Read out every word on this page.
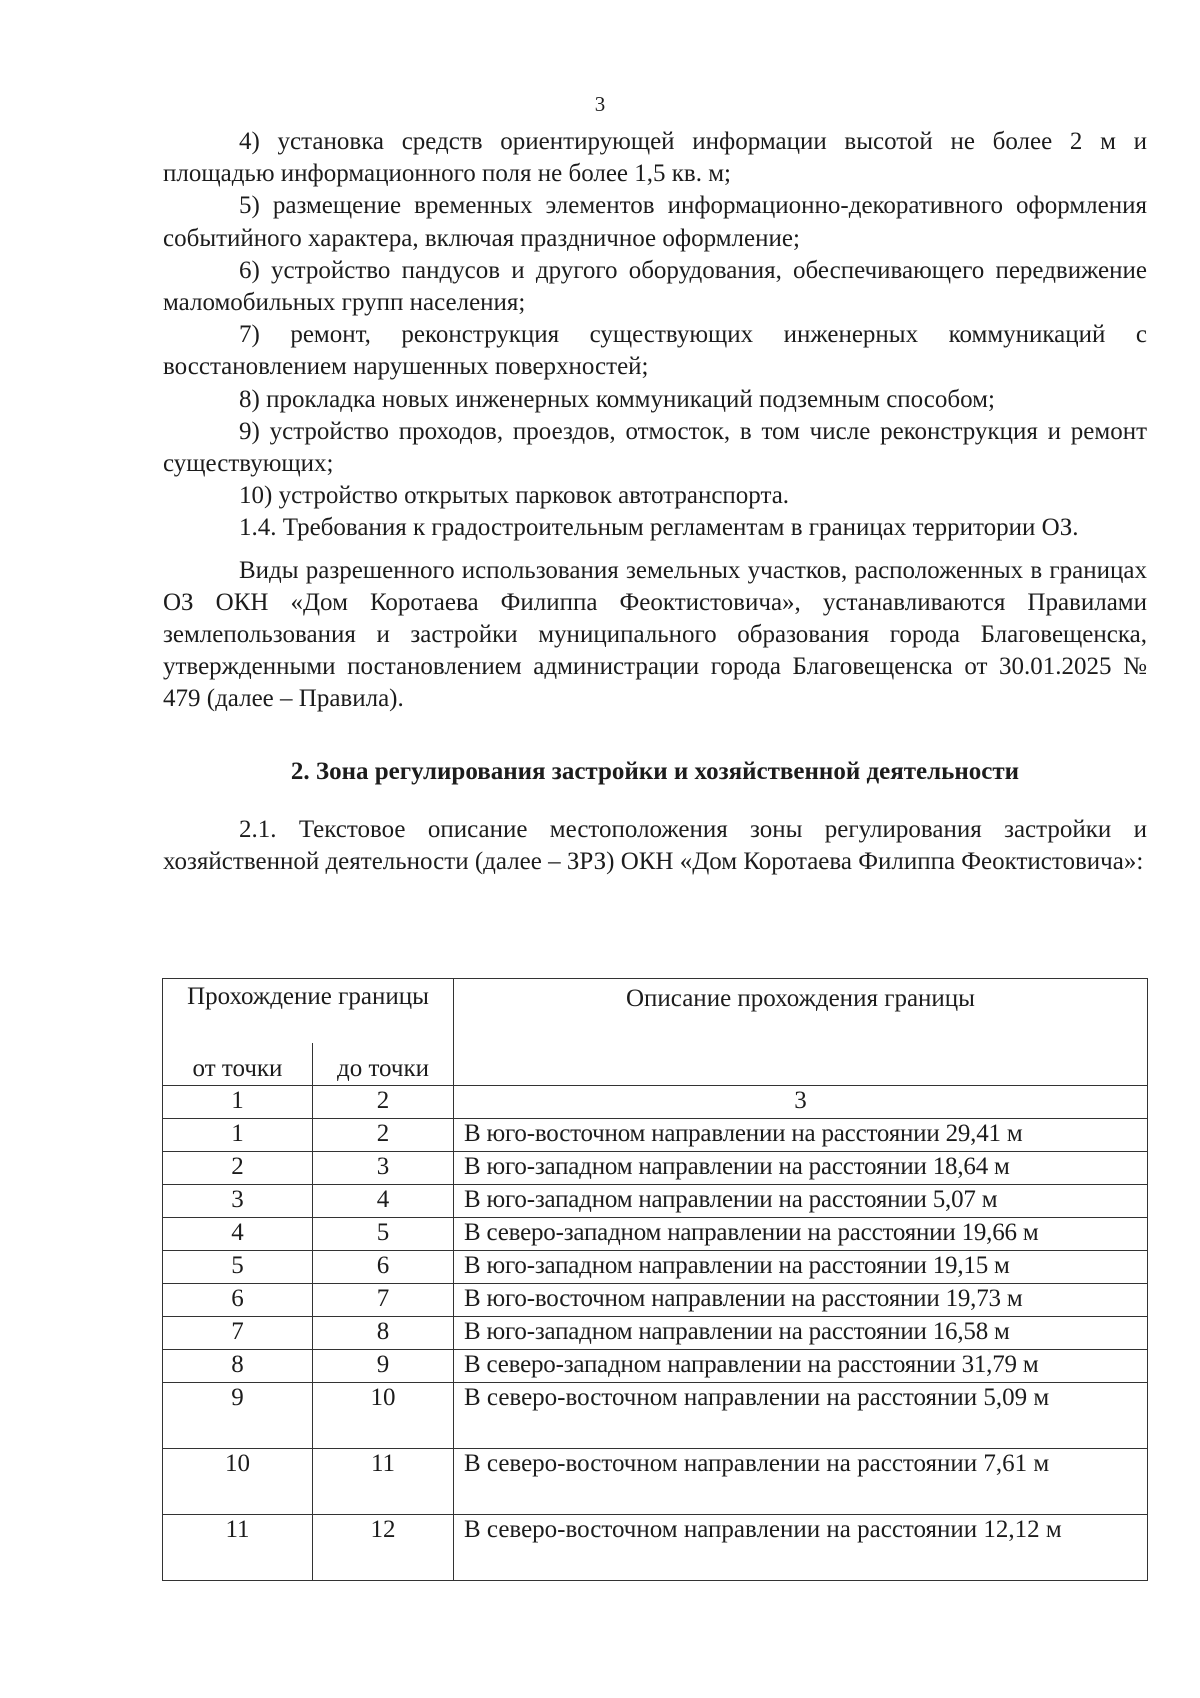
3

4) установка средств ориентирующей информации высотой не более 2 м и площадью информационного поля не более 1,5 кв. м;

5) размещение временных элементов информационно-декоративного оформления событийного характера, включая праздничное оформление;

6) устройство пандусов и другого оборудования, обеспечивающего передвижение маломобильных групп населения;

7) ремонт, реконструкция существующих инженерных коммуникаций с восстановлением нарушенных поверхностей;

8) прокладка новых инженерных коммуникаций подземным способом;

9) устройство проходов, проездов, отмосток, в том числе реконструкция и ремонт существующих;

10) устройство открытых парковок автотранспорта.

1.4. Требования к градостроительным регламентам в границах территории ОЗ.

Виды разрешенного использования земельных участков, расположенных в границах ОЗ ОКН «Дом Коротаева Филиппа Феоктистовича», устанавливаются Правилами землепользования и застройки муниципального образования города Благовещенска, утвержденными постановлением администрации города Благовещенска от 30.01.2025 № 479 (далее – Правила).

2. Зона регулирования застройки и хозяйственной деятельности

2.1. Текстовое описание местоположения зоны регулирования застройки и хозяйственной деятельности (далее – ЗРЗ) ОКН «Дом Коротаева Филиппа Феоктистовича»:

Прохождение границы		Описание прохождения границы
от точки	до точки	
1	2	3
1	2	В юго-восточном направлении на расстоянии 29,41 м
2	3	В юго-западном направлении на расстоянии 18,64 м
3	4	В юго-западном направлении на расстоянии 5,07 м
4	5	В северо-западном направлении на расстоянии 19,66 м
5	6	В юго-западном направлении на расстоянии 19,15 м
6	7	В юго-восточном направлении на расстоянии 19,73 м
7	8	В юго-западном направлении на расстоянии 16,58 м
8	9	В северо-западном направлении на расстоянии 31,79 м
9	10	В северо-восточном направлении на расстоянии 5,09 м
10	11	В северо-восточном направлении на расстоянии 7,61 м
11	12	В северо-восточном направлении на расстоянии 12,12 м
